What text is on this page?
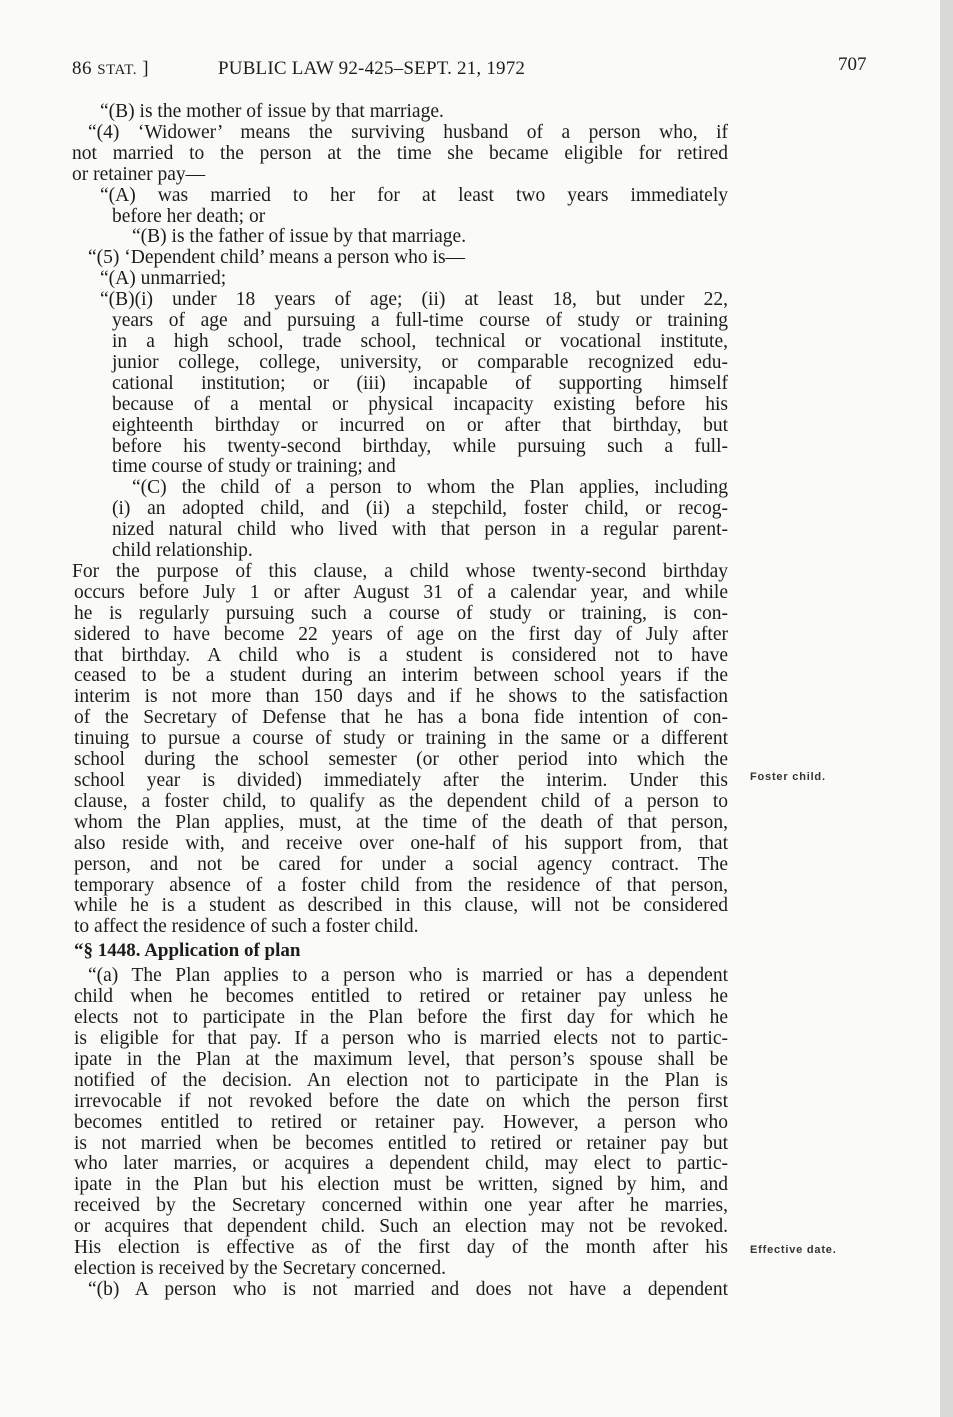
86 STAT. ]	PUBLIC LAW 92-425–SEPT. 21, 1972	707
“(B) is the mother of issue by that marriage.
“(4) ‘Widower’ means the surviving husband of a person who, if
not married to the person at the time she became eligible for retired
or retainer pay—
“(A) was married to her for at least two years immediately
before her death; or
“(B) is the father of issue by that marriage.
“(5) ‘Dependent child’ means a person who is—
“(A) unmarried;
“(B)(i) under 18 years of age; (ii) at least 18, but under 22,
years of age and pursuing a full-time course of study or training
in a high school, trade school, technical or vocational institute,
junior college, college, university, or comparable recognized edu-
cational institution; or (iii) incapable of supporting himself
because of a mental or physical incapacity existing before his
eighteenth birthday or incurred on or after that birthday, but
before his twenty-second birthday, while pursuing such a full-
time course of study or training; and
“(C) the child of a person to whom the Plan applies, including
(i) an adopted child, and (ii) a stepchild, foster child, or recog-
nized natural child who lived with that person in a regular parent-
child relationship.
For the purpose of this clause, a child whose twenty-second birthday
occurs before July 1 or after August 31 of a calendar year, and while
he is regularly pursuing such a course of study or training, is con-
sidered to have become 22 years of age on the first day of July after
that birthday. A child who is a student is considered not to have
ceased to be a student during an interim between school years if the
interim is not more than 150 days and if he shows to the satisfaction
of the Secretary of Defense that he has a bona fide intention of con-
tinuing to pursue a course of study or training in the same or a different
school during the school semester (or other period into which the
school year is divided) immediately after the interim. Under this
clause, a foster child, to qualify as the dependent child of a person to
whom the Plan applies, must, at the time of the death of that person,
also reside with, and receive over one-half of his support from, that
person, and not be cared for under a social agency contract. The
temporary absence of a foster child from the residence of that person,
while he is a student as described in this clause, will not be considered
to affect the residence of such a foster child.
“§ 1448. Application of plan
“(a) The Plan applies to a person who is married or has a dependent
child when he becomes entitled to retired or retainer pay unless he
elects not to participate in the Plan before the first day for which he
is eligible for that pay. If a person who is married elects not to partic-
ipate in the Plan at the maximum level, that person’s spouse shall be
notified of the decision. An election not to participate in the Plan is
irrevocable if not revoked before the date on which the person first
becomes entitled to retired or retainer pay. However, a person who
is not married when be becomes entitled to retired or retainer pay but
who later marries, or acquires a dependent child, may elect to partic-
ipate in the Plan but his election must be written, signed by him, and
received by the Secretary concerned within one year after he marries,
or acquires that dependent child. Such an election may not be revoked.
His election is effective as of the first day of the month after his
election is received by the Secretary concerned.
“(b) A person who is not married and does not have a dependent
Foster child.
Effective date.
